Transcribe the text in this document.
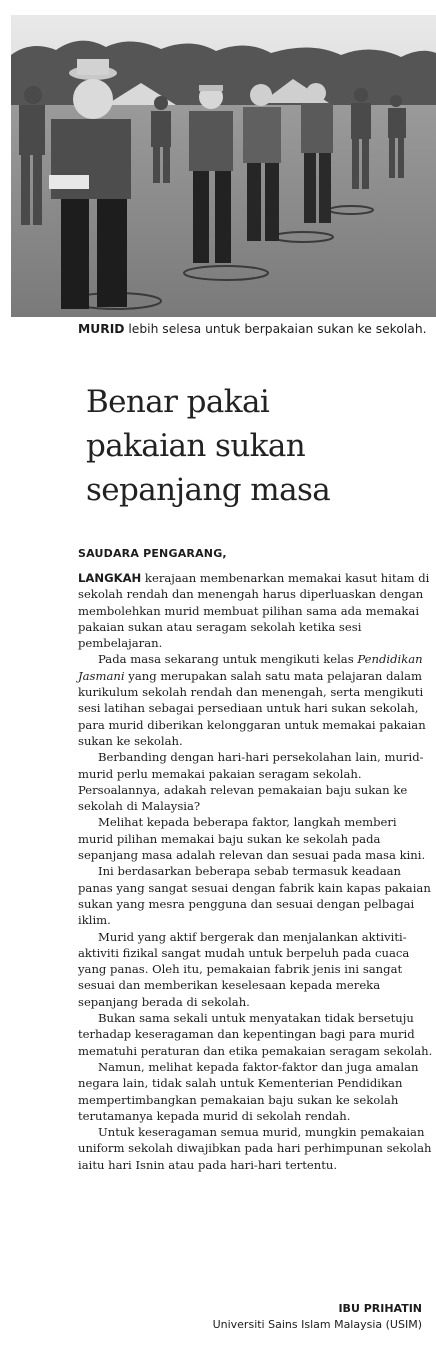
MURID lebih selesa untuk berpakaian sukan ke sekolah.
Benar pakai
pakaian sukan
sepanjang masa
SAUDARA PENGARANG,

LANGKAH kerajaan membenarkan memakai kasut hitam di sekolah rendah dan menengah harus diperluaskan dengan membolehkan murid membuat pilihan sama ada memakai pakaian sukan atau seragam sekolah ketika sesi pembelajaran.

Pada masa sekarang untuk mengikuti kelas Pendidikan Jasmani yang merupakan salah satu mata pelajaran dalam kurikulum sekolah rendah dan menengah, serta mengikuti sesi latihan sebagai persediaan untuk hari sukan sekolah, para murid diberikan kelonggaran untuk memakai pakaian sukan ke sekolah.

Berbanding dengan hari-hari persekolahan lain, murid-murid perlu memakai pakaian seragam sekolah. Persoalannya, adakah relevan pemakaian baju sukan ke sekolah di Malaysia?

Melihat kepada beberapa faktor, langkah memberi murid pilihan memakai baju sukan ke sekolah pada sepanjang masa adalah relevan dan sesuai pada masa kini.

Ini berdasarkan beberapa sebab termasuk keadaan panas yang sangat sesuai dengan fabrik kain kapas pakaian sukan yang mesra pengguna dan sesuai dengan pelbagai iklim.

Murid yang aktif bergerak dan menjalankan aktiviti-aktiviti fizikal sangat mudah untuk berpeluh pada cuaca yang panas. Oleh itu, pemakaian fabrik jenis ini sangat sesuai dan memberikan keselesaan kepada mereka sepanjang berada di sekolah.

Bukan sama sekali untuk menyatakan tidak bersetuju terhadap keseragaman dan kepentingan bagi para murid mematuhi peraturan dan etika pemakaian seragam sekolah.

Namun, melihat kepada faktor-faktor dan juga amalan negara lain, tidak salah untuk Kementerian Pendidikan mempertimbangkan pemakaian baju sukan ke sekolah terutamanya kepada murid di sekolah rendah.

Untuk keseragaman semua murid, mungkin pemakaian uniform sekolah diwajibkan pada hari perhimpunan sekolah iaitu hari Isnin atau pada hari-hari tertentu.

IBU PRIHATIN
Universiti Sains Islam Malaysia (USIM)
